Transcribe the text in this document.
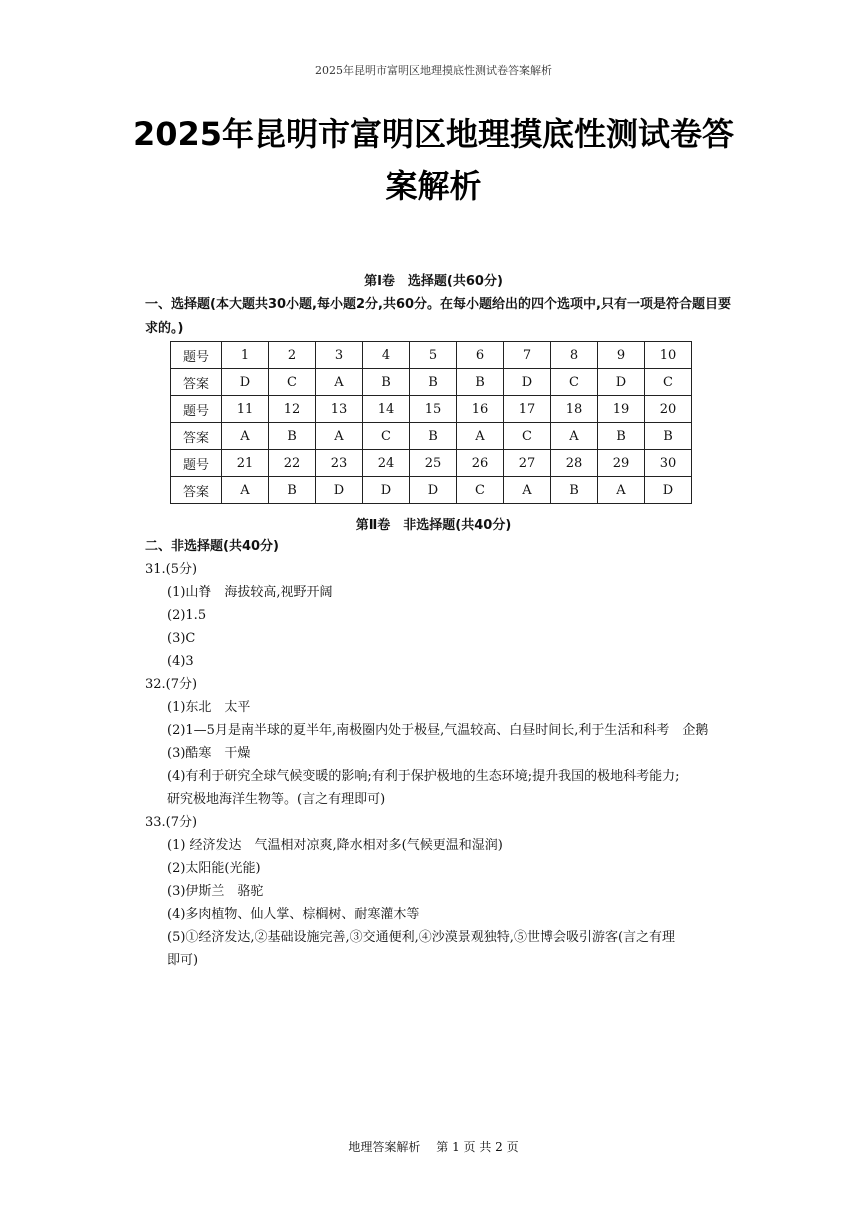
2025年昆明市富明区地理摸底性测试卷答案解析
2025年昆明市富明区地理摸底性测试卷答
案解析
第Ⅰ卷　选择题(共60分)
一、选择题(本大题共30小题,每小题2分,共60分。在每小题给出的四个选项中,只有一项是符合题目要求的。)
题号	1	2	3	4	5	6	7	8	9	10
答案	D	C	A	B	B	B	D	C	D	C
题号	11	12	13	14	15	16	17	18	19	20
答案	A	B	A	C	B	A	C	A	B	B
题号	21	22	23	24	25	26	27	28	29	30
答案	A	B	D	D	D	C	A	B	A	D
第Ⅱ卷　非选择题(共40分)
二、非选择题(共40分)
31.(5分)
(1)山脊　海拔较高,视野开阔
(2)1.5
(3)C
(4)3
32.(7分)
(1)东北　太平
(2)1—5月是南半球的夏半年,南极圈内处于极昼,气温较高、白昼时间长,利于生活和科考　企鹅
(3)酷寒　干燥
(4)有利于研究全球气候变暖的影响;有利于保护极地的生态环境;提升我国的极地科考能力;
研究极地海洋生物等。(言之有理即可)
33.(7分)
(1) 经济发达　气温相对凉爽,降水相对多(气候更温和湿润)
(2)太阳能(光能)
(3)伊斯兰　骆驼
(4)多肉植物、仙人掌、棕榈树、耐寒灌木等
(5)①经济发达,②基础设施完善,③交通便利,④沙漠景观独特,⑤世博会吸引游客(言之有理
即可)
地理答案解析 第 1 页 共 2 页
